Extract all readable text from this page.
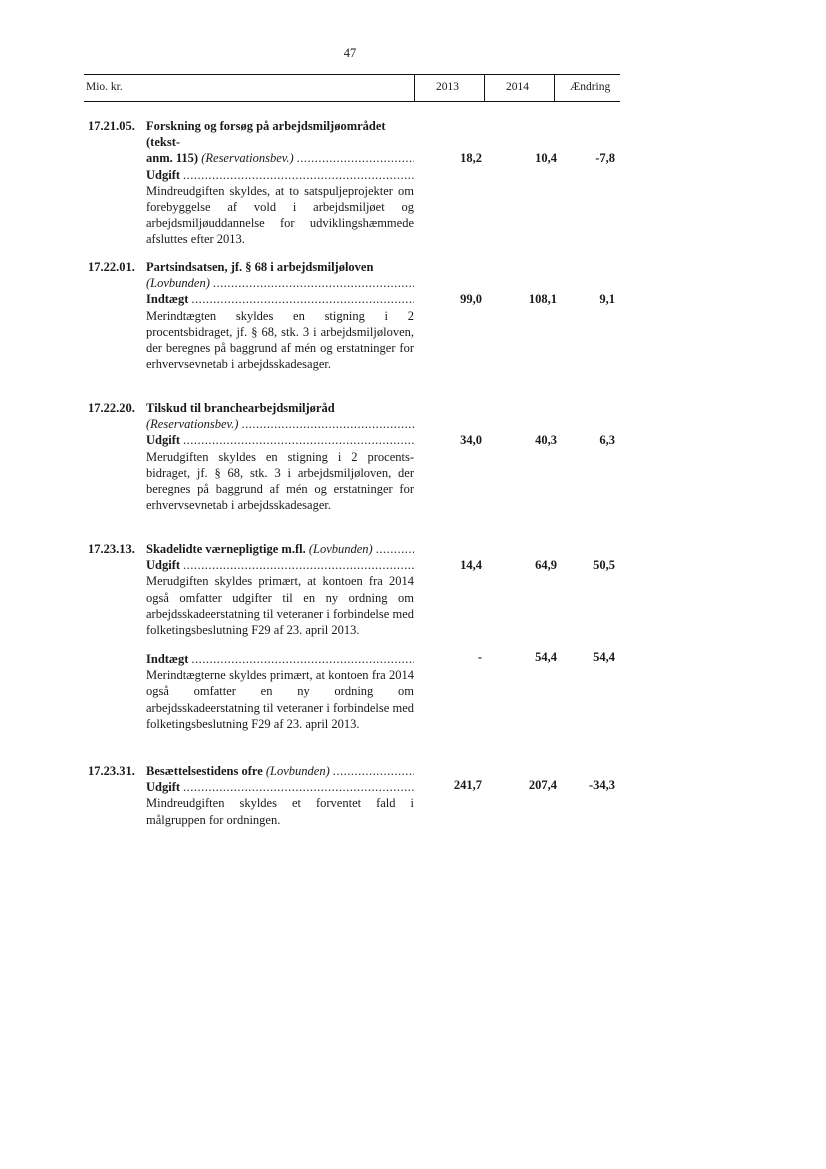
47
Mio. kr.	2013	2014	Ændring
17.21.05. Forskning og forsøg på arbejdsmiljøområdet (tekst-
anm. 115)
(Reservationsbev.)
.....
Udgift
.....

Mindreudgiften skyldes, at to satspuljeprojekter om forebyggelse af vold i arbejdsmiljøet og arbejdsmiljøuddannelse for udviklingshæmmede afsluttes efter 2013.

18,2	10,4	-7,8
17.22.01. Partsindsatsen, jf. § 68 i arbejdsmiljøloven
(Lovbunden)
.....
Indtægt
.....

Merindtægten skyldes en stigning i 2 procentsbidraget, jf. § 68, stk. 3 i arbejdsmiljøloven, der beregnes på baggrund af mén og erstatninger for erhvervsevnetab i arbejdsskadesager.

99,0	108,1	9,1
17.22.20. Tilskud til branchearbejdsmiljøråd
(Reservationsbev.)
.....
Udgift
.....

Merudgiften skyldes en stigning i 2 procents-bidraget, jf. § 68, stk. 3 i arbejdsmiljøloven, der beregnes på baggrund af mén og erstatninger for erhvervsevnetab i arbejdsskadesager.

34,0	40,3	6,3
17.23.13. Skadelidte værnepligtige m.fl.
(Lovbunden)
.....
Udgift
.....

Merudgiften skyldes primært, at kontoen fra 2014 også omfatter udgifter til en ny ordning om arbejdsskadeerstatning til veteraner i forbindelse med folketingsbeslutning F29 af 23. april 2013.

14,4	64,9	50,5
Indtægt
.....

Merindtægterne skyldes primært, at kontoen fra 2014 også omfatter en ny ordning om arbejdsskadeerstatning til veteraner i forbindelse med folketingsbeslutning F29 af 23. april 2013.

-	54,4	54,4
17.23.31. Besættelsestidens ofre
(Lovbunden)
.....
Udgift
.....

Mindreudgiften skyldes et forventet fald i målgruppen for ordningen.

241,7	207,4	-34,3
